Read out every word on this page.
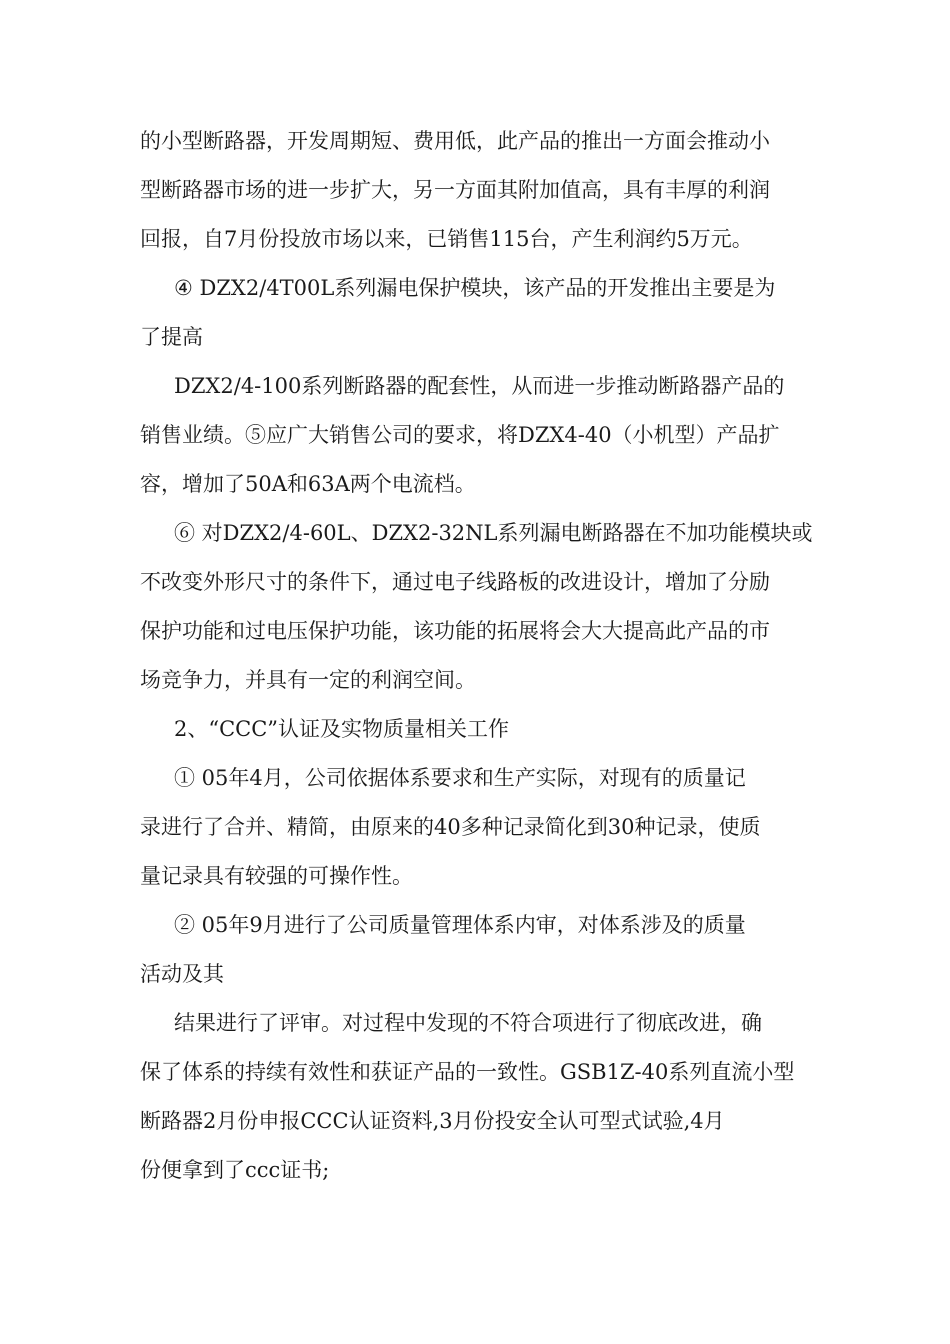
的小型断路器，开发周期短、费用低，此产品的推出一方面会推动小
型断路器市场的进一步扩大，另一方面其附加值高，具有丰厚的利润
回报，自7月份投放市场以来，已销售115台，产生利润约5万元。
④ DZX2/4T00L系列漏电保护模块，该产品的开发推出主要是为
了提高
DZX2/4-100系列断路器的配套性，从而进一步推动断路器产品的
销售业绩。⑤应广大销售公司的要求，将DZX4-40（小机型）产品扩
容，增加了50A和63A两个电流档。
⑥ 对DZX2/4-60L、DZX2-32NL系列漏电断路器在不加功能模块或
不改变外形尺寸的条件下，通过电子线路板的改进设计，增加了分励
保护功能和过电压保护功能，该功能的拓展将会大大提高此产品的市
场竞争力，并具有一定的利润空间。
2、“CCC”认证及实物质量相关工作
① 05年4月，公司依据体系要求和生产实际，对现有的质量记
录进行了合并、精简，由原来的40多种记录简化到30种记录，使质
量记录具有较强的可操作性。
② 05年9月进行了公司质量管理体系内审，对体系涉及的质量
活动及其
结果进行了评审。对过程中发现的不符合项进行了彻底改进，确
保了体系的持续有效性和获证产品的一致性。GSB1Z-40系列直流小型
断路器2月份申报CCC认证资料,3月份投安全认可型式试验,4月
份便拿到了ccc证书;
